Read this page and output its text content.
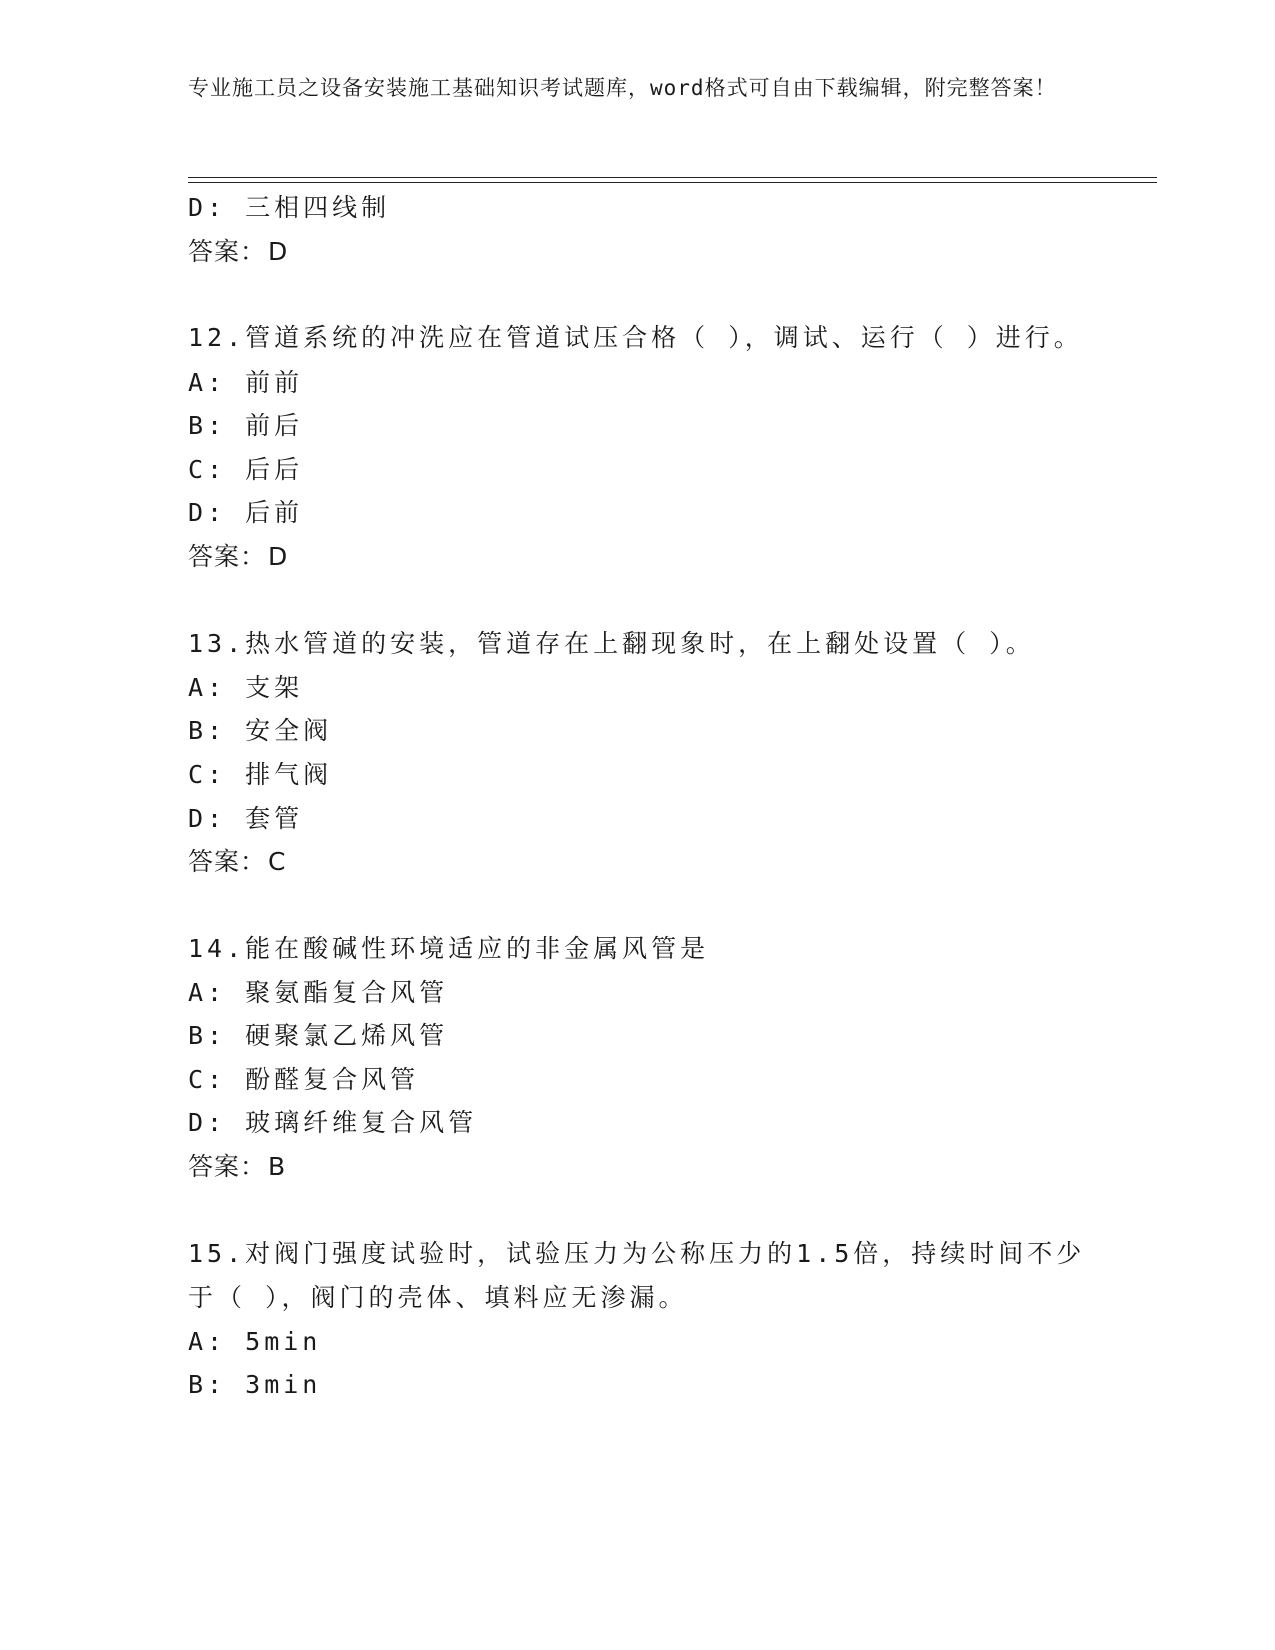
专业施工员之设备安装施工基础知识考试题库，word格式可自由下载编辑，附完整答案！
D: 三相四线制
答案：D
12.管道系统的冲洗应在管道试压合格（ ），调试、运行（ ）进行。
A: 前前
B: 前后
C: 后后
D: 后前
答案：D
13.热水管道的安装，管道存在上翻现象时，在上翻处设置（ ）。
A: 支架
B: 安全阀
C: 排气阀
D: 套管
答案：C
14.能在酸碱性环境适应的非金属风管是
A: 聚氨酯复合风管
B: 硬聚氯乙烯风管
C: 酚醛复合风管
D: 玻璃纤维复合风管
答案：B
15.对阀门强度试验时，试验压力为公称压力的1.5倍，持续时间不少
于（ ），阀门的壳体、填料应无渗漏。
A: 5min
B: 3min
